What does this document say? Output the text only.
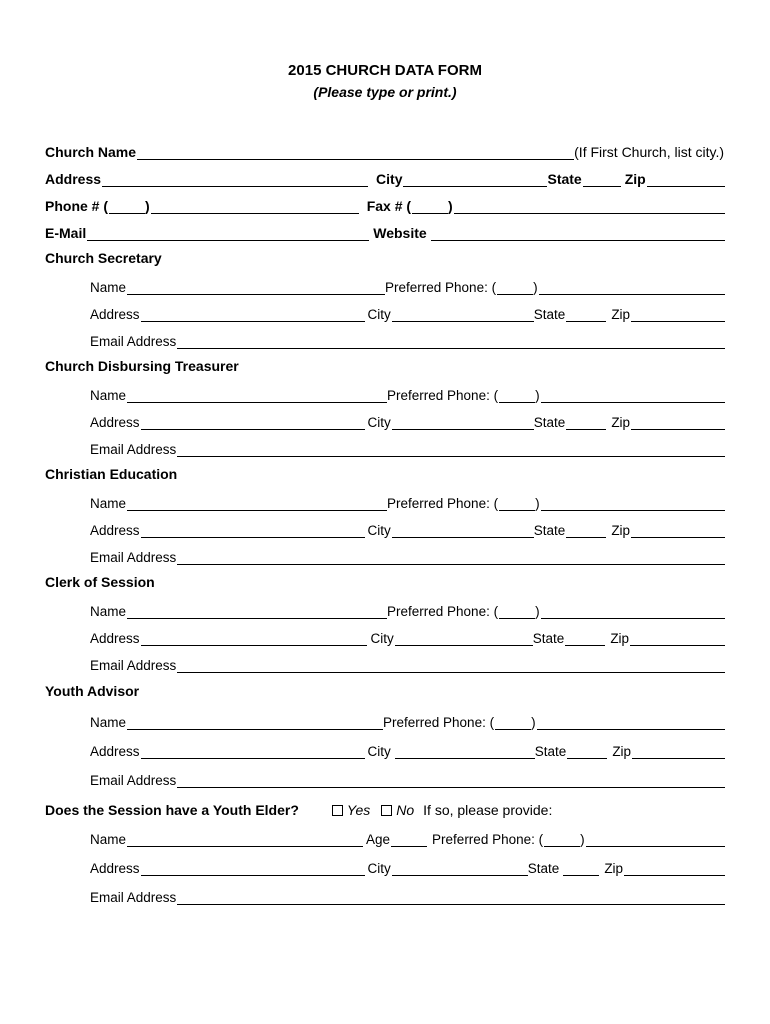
2015 CHURCH DATA FORM
(Please type or print.)
Church Name	(If First Church, list city.)
Address	City	State	Zip
Phone # (	)	Fax # (	)
E-Mail	Website
Church Secretary
Name	Preferred Phone: (	)
Address	City	State	Zip
Email Address
Church Disbursing Treasurer
Name	Preferred Phone: (	)
Address	City	State	Zip
Email Address
Christian Education
Name	Preferred Phone: (	)
Address	City	State	Zip
Email Address
Clerk of Session
Name	Preferred Phone: (	)
Address	City	State	Zip
Email Address
Youth Advisor
Name	Preferred Phone: (	)
Address	City	State	Zip
Email Address
Does the Session have a Youth Elder?	Yes	No If so, please provide:
Name	Age	Preferred Phone: (	)
Address	City	State	Zip
Email Address
